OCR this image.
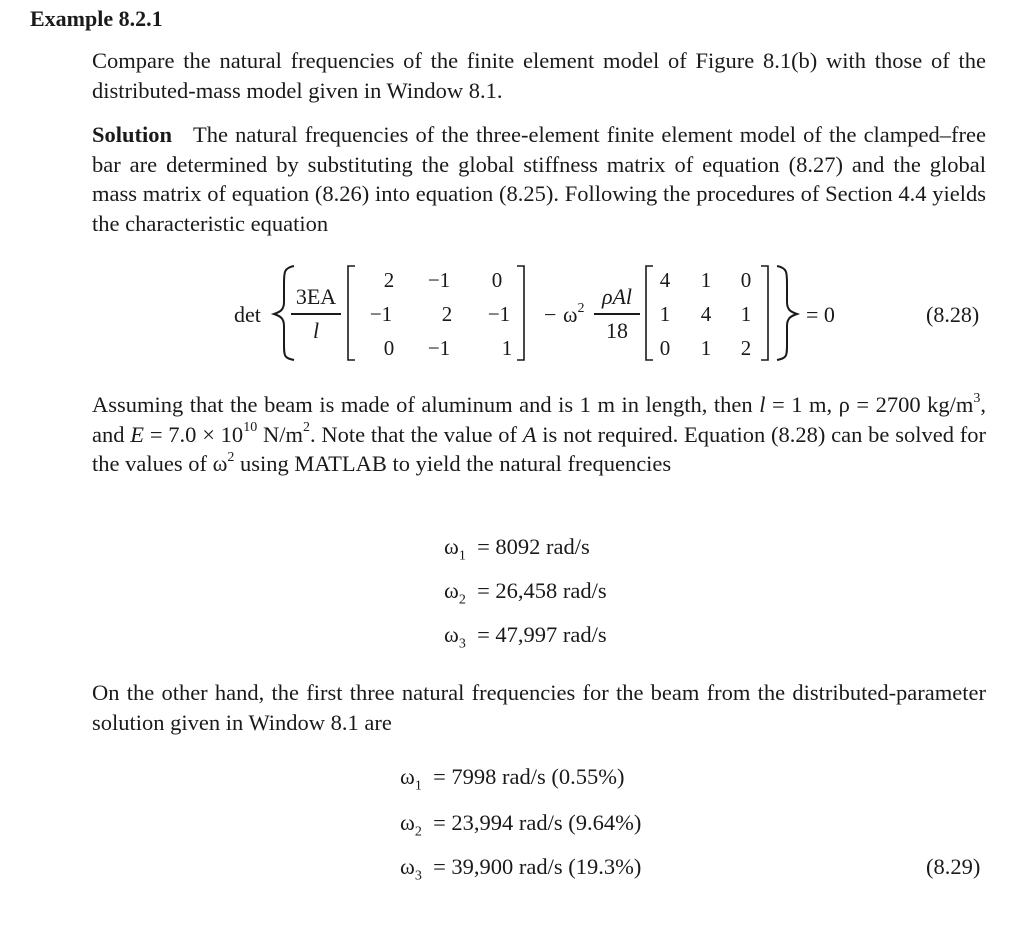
Example 8.2.1
Compare the natural frequencies of the finite element model of Figure 8.1(b) with those of the distributed-mass model given in Window 8.1.
Solution The natural frequencies of the three-element finite element model of the clamped–free bar are determined by substituting the global stiffness matrix of equation (8.27) and the global mass matrix of equation (8.26) into equation (8.25). Following the procedures of Section 4.4 yields the characteristic equation
det
3EA
l
2	−1	0
−1	2	−1
0	−1	1
− $\omega^2$ ρAl
18
4	1	0
1	4	1
0	1	2
= 0	(8.28)
Assuming that the beam is made of aluminum and is 1 m in length, then l = 1 m, ρ = 2700 $kg/m^3$, and $E = 7.0 \times 10^{10}$ $N/m^2$. Note that the value of A is not required. Equation (8.28) can be solved for the values of $\omega^2$ using MATLAB to yield the natural frequencies
$\omega_1 = 8092$ rad/s
$\omega_2 = 26,458$ rad/s
$\omega_3 = 47,997$ rad/s
On the other hand, the first three natural frequencies for the beam from the distributed-parameter solution given in Window 8.1 are
$\omega_1 = 7998$ rad/s (0.55%)
$\omega_2 = 23,994$ rad/s (9.64%)
$\omega_3 = 39,900$ rad/s (19.3%)	(8.29)
